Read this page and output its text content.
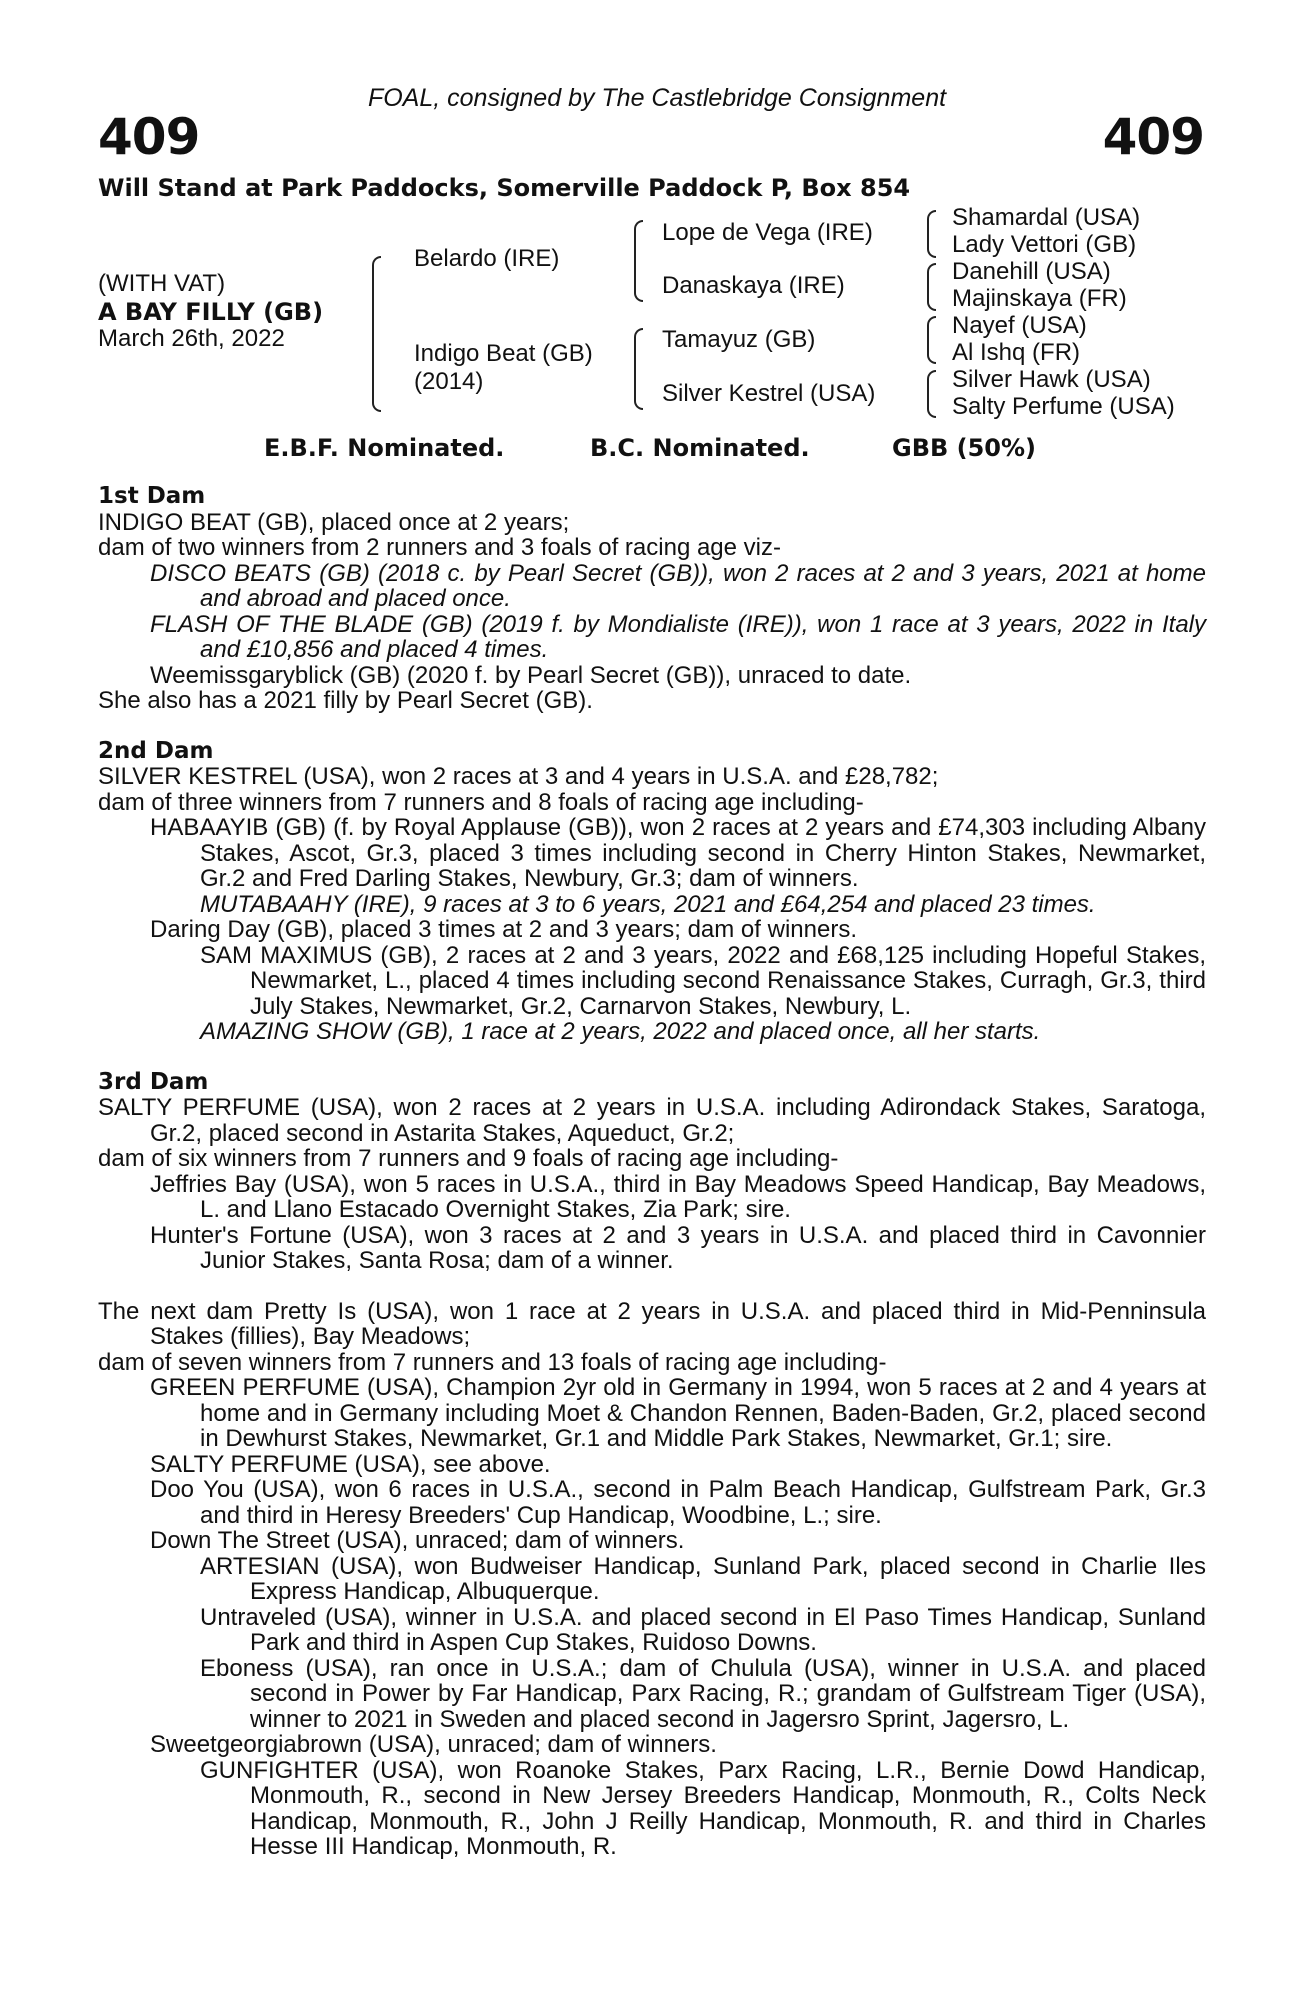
FOAL, consigned by The Castlebridge Consignment
409	409
Will Stand at Park Paddocks, Somerville Paddock P, Box 854
(WITH VAT)
A BAY FILLY (GB)
March 26th, 2022
Belardo (IRE)
Indigo Beat (GB)
(2014)
Lope de Vega (IRE)
Danaskaya (IRE)
Tamayuz (GB)
Silver Kestrel (USA)
Shamardal (USA)
Lady Vettori (GB)
Danehill (USA)
Majinskaya (FR)
Nayef (USA)
Al Ishq (FR)
Silver Hawk (USA)
Salty Perfume (USA)
E.B.F. Nominated.	B.C. Nominated.	GBB (50%)

1st Dam

INDIGO BEAT (GB), placed once at 2 years;

dam of two winners from 2 runners and 3 foals of racing age viz-

DISCO BEATS (GB) (2018 c. by Pearl Secret (GB)), won 2 races at 2 and 3 years, 2021 at home and abroad and placed once.

FLASH OF THE BLADE (GB) (2019 f. by Mondialiste (IRE)), won 1 race at 3 years, 2022 in Italy and £10,856 and placed 4 times.

Weemissgaryblick (GB) (2020 f. by Pearl Secret (GB)), unraced to date.

She also has a 2021 filly by Pearl Secret (GB).

2nd Dam

SILVER KESTREL (USA), won 2 races at 3 and 4 years in U.S.A. and £28,782;

dam of three winners from 7 runners and 8 foals of racing age including-

HABAAYIB (GB) (f. by Royal Applause (GB)), won 2 races at 2 years and £74,303 including Albany Stakes, Ascot, Gr.3, placed 3 times including second in Cherry Hinton Stakes, Newmarket, Gr.2 and Fred Darling Stakes, Newbury, Gr.3; dam of winners.

MUTABAAHY (IRE), 9 races at 3 to 6 years, 2021 and £64,254 and placed 23 times.

Daring Day (GB), placed 3 times at 2 and 3 years; dam of winners.

SAM MAXIMUS (GB), 2 races at 2 and 3 years, 2022 and £68,125 including Hopeful Stakes, Newmarket, L., placed 4 times including second Renaissance Stakes, Curragh, Gr.3, third July Stakes, Newmarket, Gr.2, Carnarvon Stakes, Newbury, L.

AMAZING SHOW (GB), 1 race at 2 years, 2022 and placed once, all her starts.

3rd Dam

SALTY PERFUME (USA), won 2 races at 2 years in U.S.A. including Adirondack Stakes, Saratoga, Gr.2, placed second in Astarita Stakes, Aqueduct, Gr.2;

dam of six winners from 7 runners and 9 foals of racing age including-

Jeffries Bay (USA), won 5 races in U.S.A., third in Bay Meadows Speed Handicap, Bay Meadows, L. and Llano Estacado Overnight Stakes, Zia Park; sire.

Hunter's Fortune (USA), won 3 races at 2 and 3 years in U.S.A. and placed third in Cavonnier Junior Stakes, Santa Rosa; dam of a winner.

The next dam Pretty Is (USA), won 1 race at 2 years in U.S.A. and placed third in Mid-Penninsula Stakes (fillies), Bay Meadows;

dam of seven winners from 7 runners and 13 foals of racing age including-

GREEN PERFUME (USA), Champion 2yr old in Germany in 1994, won 5 races at 2 and 4 years at home and in Germany including Moet & Chandon Rennen, Baden-Baden, Gr.2, placed second in Dewhurst Stakes, Newmarket, Gr.1 and Middle Park Stakes, Newmarket, Gr.1; sire.

SALTY PERFUME (USA), see above.

Doo You (USA), won 6 races in U.S.A., second in Palm Beach Handicap, Gulfstream Park, Gr.3 and third in Heresy Breeders' Cup Handicap, Woodbine, L.; sire.

Down The Street (USA), unraced; dam of winners.

ARTESIAN (USA), won Budweiser Handicap, Sunland Park, placed second in Charlie Iles Express Handicap, Albuquerque.

Untraveled (USA), winner in U.S.A. and placed second in El Paso Times Handicap, Sunland Park and third in Aspen Cup Stakes, Ruidoso Downs.

Eboness (USA), ran once in U.S.A.; dam of Chulula (USA), winner in U.S.A. and placed second in Power by Far Handicap, Parx Racing, R.; grandam of Gulfstream Tiger (USA), winner to 2021 in Sweden and placed second in Jagersro Sprint, Jagersro, L.

Sweetgeorgiabrown (USA), unraced; dam of winners.

GUNFIGHTER (USA), won Roanoke Stakes, Parx Racing, L.R., Bernie Dowd Handicap, Monmouth, R., second in New Jersey Breeders Handicap, Monmouth, R., Colts Neck Handicap, Monmouth, R., John J Reilly Handicap, Monmouth, R. and third in Charles Hesse III Handicap, Monmouth, R.
